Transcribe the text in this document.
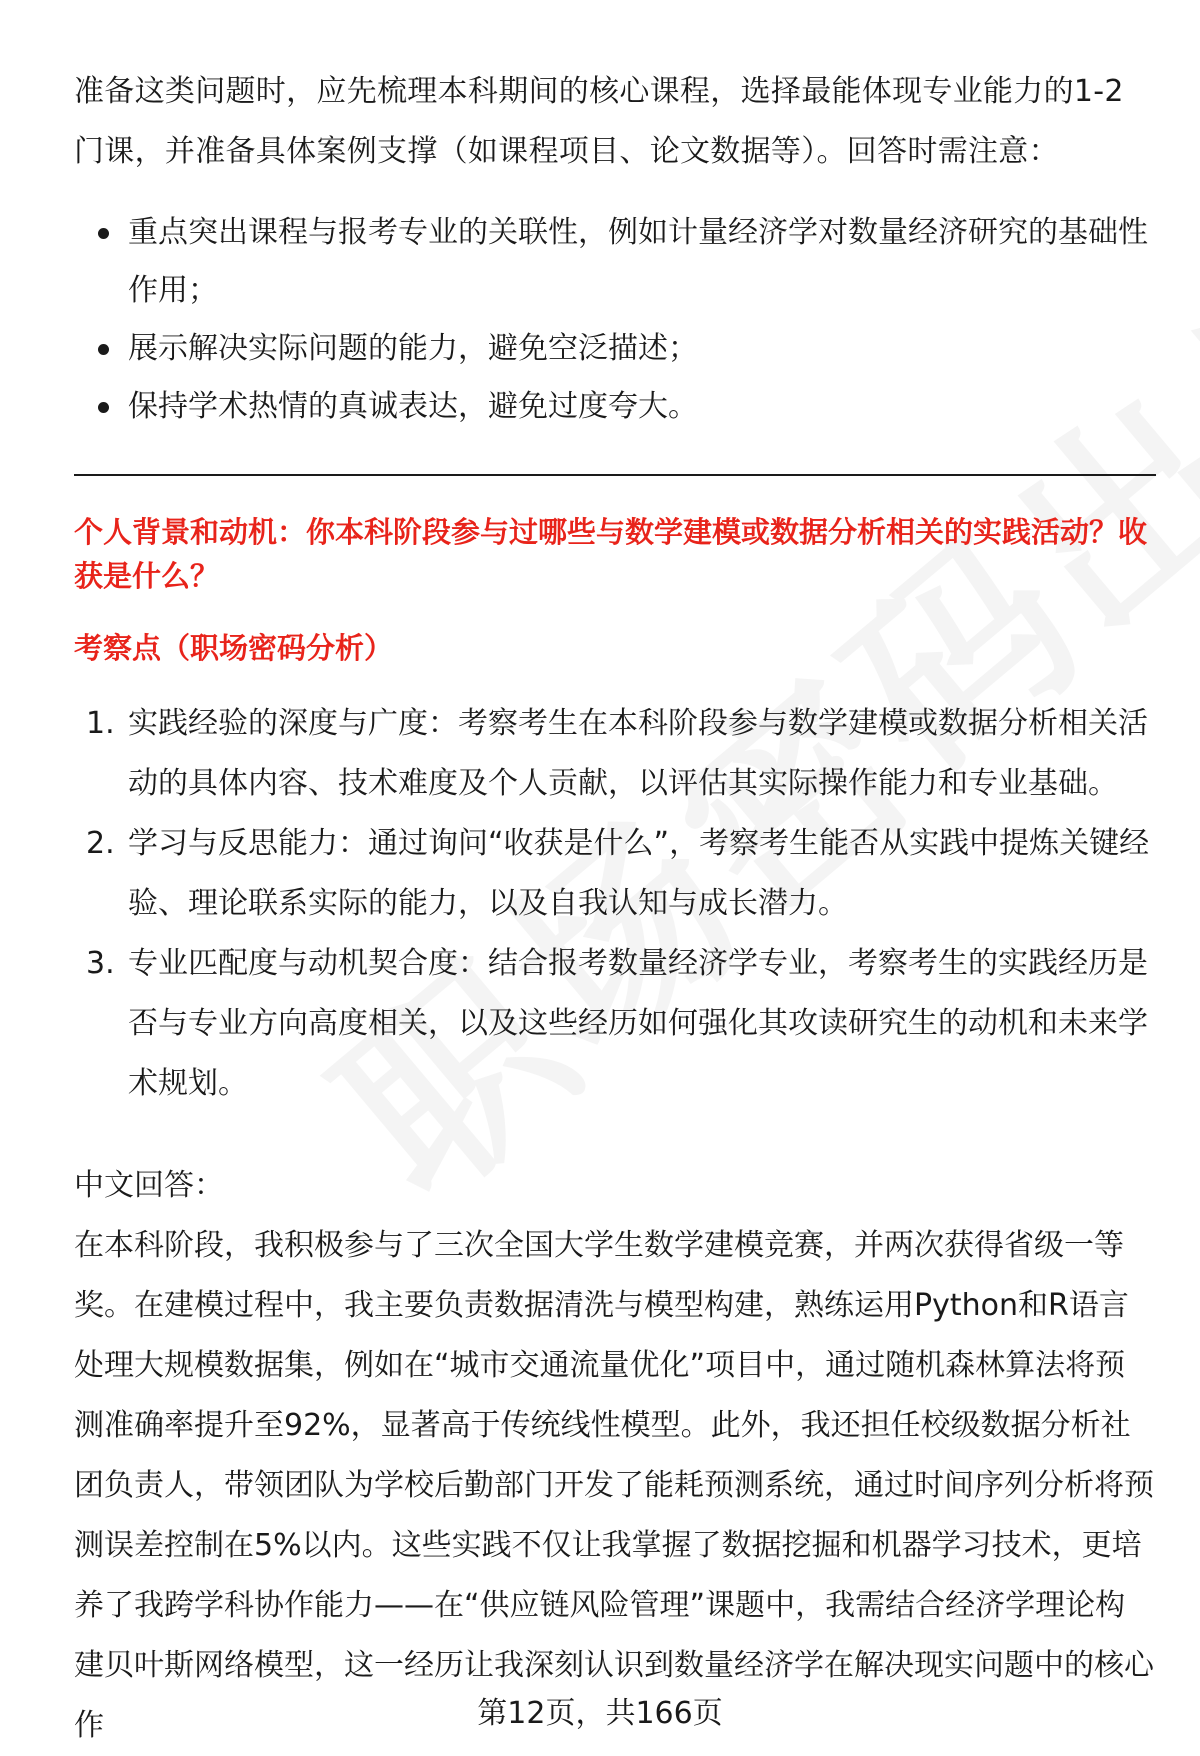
准备这类问题时，应先梳理本科期间的核心课程，选择最能体现专业能力的1-2门课，并准备具体案例支撑（如课程项目、论文数据等）。回答时需注意：

重点突出课程与报考专业的关联性，例如计量经济学对数量经济研究的基础性作用；
展示解决实际问题的能力，避免空泛描述；
保持学术热情的真诚表达，避免过度夸大。

个人背景和动机：你本科阶段参与过哪些与数学建模或数据分析相关的实践活动？收获是什么？

考察点（职场密码分析）

1. 实践经验的深度与广度：考察考生在本科阶段参与数学建模或数据分析相关活动的具体内容、技术难度及个人贡献，以评估其实际操作能力和专业基础。
2. 学习与反思能力：通过询问“收获是什么”，考察考生能否从实践中提炼关键经验、理论联系实际的能力，以及自我认知与成长潜力。
3. 专业匹配度与动机契合度：结合报考数量经济学专业，考察考生的实践经历是否与专业方向高度相关，以及这些经历如何强化其攻读研究生的动机和未来学术规划。

中文回答：

在本科阶段，我积极参与了三次全国大学生数学建模竞赛，并两次获得省级一等奖。在建模过程中，我主要负责数据清洗与模型构建，熟练运用Python和R语言处理大规模数据集，例如在“城市交通流量优化”项目中，通过随机森林算法将预测准确率提升至92%，显著高于传统线性模型。此外，我还担任校级数据分析社团负责人，带领团队为学校后勤部门开发了能耗预测系统，通过时间序列分析将预测误差控制在5%以内。这些实践不仅让我掌握了数据挖掘和机器学习技术，更培养了我跨学科协作能力——在“供应链风险管理”课题中，我需结合经济学理论构建贝叶斯网络模型，这一经历让我深刻认识到数量经济学在解决现实问题中的核心作	第12页，共166页
